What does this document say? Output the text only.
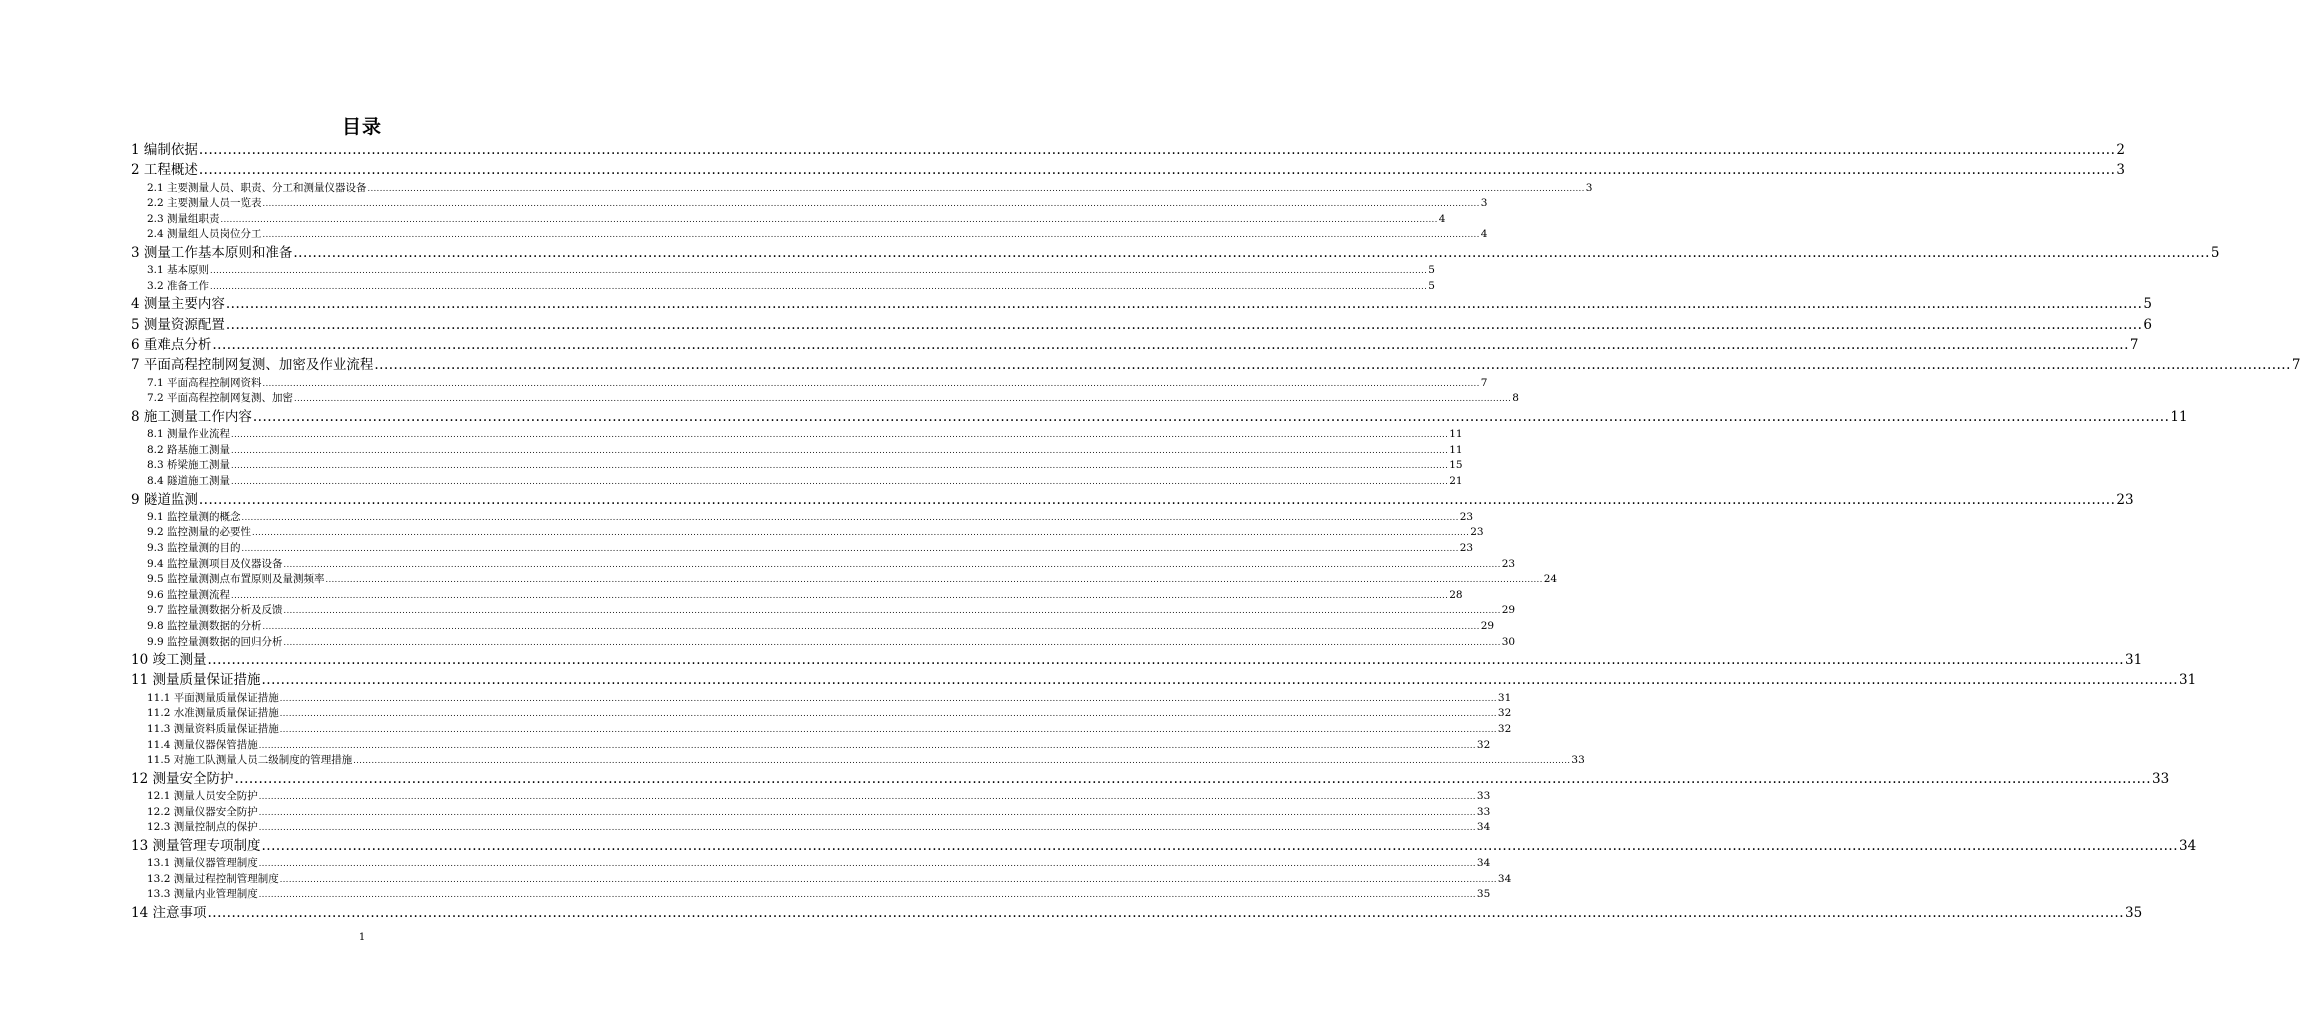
目录
1 编制依据 ................................................................................................................................................................................................................................................................................................................................................................................................................ 2
2 工程概述 ................................................................................................................................................................................................................................................................................................................................................................................................................ 3
2.1 主要测量人员、职责、分工和测量仪器设备 ................................................................................................................................................................................................................................................................................................................................................................................................................ 3
2.2 主要测量人员一览表 ................................................................................................................................................................................................................................................................................................................................................................................................................ 3
2.3 测量组职责 ................................................................................................................................................................................................................................................................................................................................................................................................................ 4
2.4 测量组人员岗位分工 ................................................................................................................................................................................................................................................................................................................................................................................................................ 4
3 测量工作基本原则和准备 ................................................................................................................................................................................................................................................................................................................................................................................................................ 5
3.1 基本原则 ................................................................................................................................................................................................................................................................................................................................................................................................................ 5
3.2 准备工作 ................................................................................................................................................................................................................................................................................................................................................................................................................ 5
4 测量主要内容 ................................................................................................................................................................................................................................................................................................................................................................................................................ 5
5 测量资源配置 ................................................................................................................................................................................................................................................................................................................................................................................................................ 6
6 重难点分析 ................................................................................................................................................................................................................................................................................................................................................................................................................ 7
7 平面高程控制网复测、加密及作业流程 ................................................................................................................................................................................................................................................................................................................................................................................................................ 7
7.1 平面高程控制网资料 ................................................................................................................................................................................................................................................................................................................................................................................................................ 7
7.2 平面高程控制网复测、加密 ................................................................................................................................................................................................................................................................................................................................................................................................................ 8
8 施工测量工作内容 ................................................................................................................................................................................................................................................................................................................................................................................................................ 11
8.1 测量作业流程 ................................................................................................................................................................................................................................................................................................................................................................................................................ 11
8.2 路基施工测量 ................................................................................................................................................................................................................................................................................................................................................................................................................ 11
8.3 桥梁施工测量 ................................................................................................................................................................................................................................................................................................................................................................................................................ 15
8.4 隧道施工测量 ................................................................................................................................................................................................................................................................................................................................................................................................................ 21
9 隧道监测 ................................................................................................................................................................................................................................................................................................................................................................................................................ 23
9.1 监控量测的概念 ................................................................................................................................................................................................................................................................................................................................................................................................................ 23
9.2 监控测量的必要性 ................................................................................................................................................................................................................................................................................................................................................................................................................ 23
9.3 监控量测的目的 ................................................................................................................................................................................................................................................................................................................................................................................................................ 23
9.4 监控量测项目及仪器设备 ................................................................................................................................................................................................................................................................................................................................................................................................................ 23
9.5 监控量测测点布置原则及量测频率 ................................................................................................................................................................................................................................................................................................................................................................................................................ 24
9.6 监控量测流程 ................................................................................................................................................................................................................................................................................................................................................................................................................ 28
9.7 监控量测数据分析及反馈 ................................................................................................................................................................................................................................................................................................................................................................................................................ 29
9.8 监控量测数据的分析 ................................................................................................................................................................................................................................................................................................................................................................................................................ 29
9.9 监控量测数据的回归分析 ................................................................................................................................................................................................................................................................................................................................................................................................................ 30
10 竣工测量 ................................................................................................................................................................................................................................................................................................................................................................................................................ 31
11 测量质量保证措施 ................................................................................................................................................................................................................................................................................................................................................................................................................ 31
11.1 平面测量质量保证措施 ................................................................................................................................................................................................................................................................................................................................................................................................................ 31
11.2 水准测量质量保证措施 ................................................................................................................................................................................................................................................................................................................................................................................................................ 32
11.3 测量资料质量保证措施 ................................................................................................................................................................................................................................................................................................................................................................................................................ 32
11.4 测量仪器保管措施 ................................................................................................................................................................................................................................................................................................................................................................................................................ 32
11.5 对施工队测量人员二级制度的管理措施 ................................................................................................................................................................................................................................................................................................................................................................................................................ 33
12 测量安全防护 ................................................................................................................................................................................................................................................................................................................................................................................................................ 33
12.1 测量人员安全防护 ................................................................................................................................................................................................................................................................................................................................................................................................................ 33
12.2 测量仪器安全防护 ................................................................................................................................................................................................................................................................................................................................................................................................................ 33
12.3 测量控制点的保护 ................................................................................................................................................................................................................................................................................................................................................................................................................ 34
13 测量管理专项制度 ................................................................................................................................................................................................................................................................................................................................................................................................................ 34
13.1 测量仪器管理制度 ................................................................................................................................................................................................................................................................................................................................................................................................................ 34
13.2 测量过程控制管理制度 ................................................................................................................................................................................................................................................................................................................................................................................................................ 34
13.3 测量内业管理制度 ................................................................................................................................................................................................................................................................................................................................................................................................................ 35
14 注意事项 ................................................................................................................................................................................................................................................................................................................................................................................................................ 35
1
